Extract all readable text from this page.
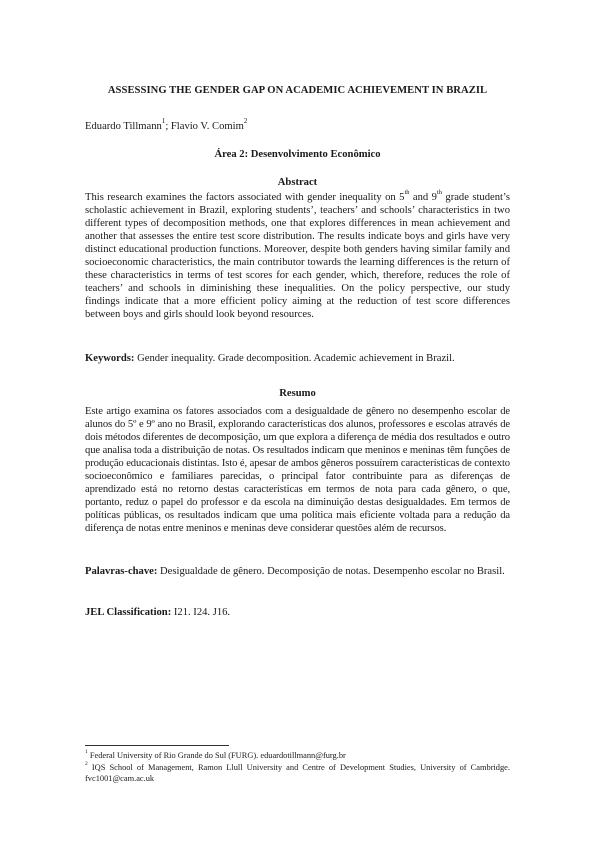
ASSESSING THE GENDER GAP ON ACADEMIC ACHIEVEMENT IN BRAZIL
Eduardo Tillmann$^1$; Flavio V. Comim$^2$
Área 2: Desenvolvimento Econômico
Abstract

This research examines the factors associated with gender inequality on 5th and 9th grade student’s scholastic achievement in Brazil, exploring students’, teachers’ and schools’ characteristics in two different types of decomposition methods, one that explores differences in mean achievement and another that assesses the entire test score distribution. The results indicate boys and girls have very distinct educational production functions. Moreover, despite both genders having similar family and socioeconomic characteristics, the main contributor towards the learning differences is the return of these characteristics in terms of test scores for each gender, which, therefore, reduces the role of teachers’ and schools in diminishing these inequalities. On the policy perspective, our study findings indicate that a more efficient policy aiming at the reduction of test score differences between boys and girls should look beyond resources.

Keywords: Gender inequality. Grade decomposition. Academic achievement in Brazil.

Resumo

Este artigo examina os fatores associados com a desigualdade de gênero no desempenho escolar de alunos do 5º e 9º ano no Brasil, explorando características dos alunos, professores e escolas através de dois métodos diferentes de decomposição, um que explora a diferença de média dos resultados e outro que analisa toda a distribuição de notas. Os resultados indicam que meninos e meninas têm funções de produção educacionais distintas. Isto é, apesar de ambos gêneros possuírem características de contexto socioeconômico e familiares parecidas, o principal fator contribuinte para as diferenças de aprendizado está no retorno destas características em termos de nota para cada gênero, o que, portanto, reduz o papel do professor e da escola na diminuição destas desigualdades. Em termos de políticas públicas, os resultados indicam que uma política mais eficiente voltada para a redução da diferença de notas entre meninos e meninas deve considerar questões além de recursos.

Palavras-chave: Desigualdade de gênero. Decomposição de notas. Desempenho escolar no Brasil.

JEL Classification: I21. I24. J16.

$^1$ Federal University of Rio Grande do Sul (FURG). eduardotillmann@furg.br

$^2$ IQS School of Management, Ramon Llull University and Centre of Development Studies, University of Cambridge. fvc1001@cam.ac.uk
